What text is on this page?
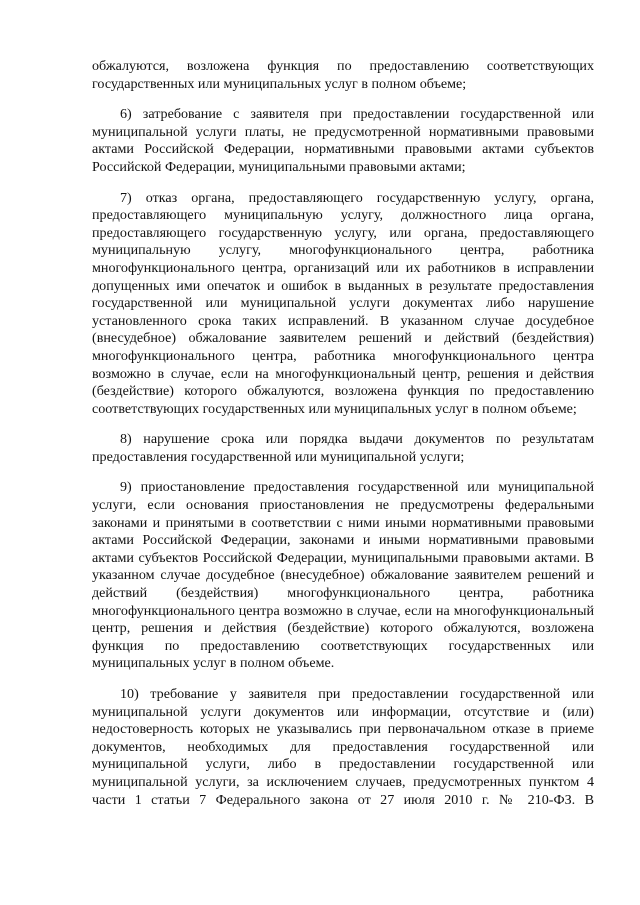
обжалуются, возложена функция по предоставлению соответствующих государственных или муниципальных услуг в полном объеме;

6) затребование с заявителя при предоставлении государственной или муниципальной услуги платы, не предусмотренной нормативными правовыми актами Российской Федерации, нормативными правовыми актами субъектов Российской Федерации, муниципальными правовыми актами;

7) отказ органа, предоставляющего государственную услугу, органа, предоставляющего муниципальную услугу, должностного лица органа, предоставляющего государственную услугу, или органа, предоставляющего муниципальную услугу, многофункционального центра, работника многофункционального центра, организаций или их работников в исправлении допущенных ими опечаток и ошибок в выданных в результате предоставления государственной или муниципальной услуги документах либо нарушение установленного срока таких исправлений. В указанном случае досудебное (внесудебное) обжалование заявителем решений и действий (бездействия) многофункционального центра, работника многофункционального центра возможно в случае, если на многофункциональный центр, решения и действия (бездействие) которого обжалуются, возложена функция по предоставлению соответствующих государственных или муниципальных услуг в полном объеме;

8) нарушение срока или порядка выдачи документов по результатам предоставления государственной или муниципальной услуги;

9) приостановление предоставления государственной или муниципальной услуги, если основания приостановления не предусмотрены федеральными законами и принятыми в соответствии с ними иными нормативными правовыми актами Российской Федерации, законами и иными нормативными правовыми актами субъектов Российской Федерации, муниципальными правовыми актами. В указанном случае досудебное (внесудебное) обжалование заявителем решений и действий (бездействия) многофункционального центра, работника многофункционального центра возможно в случае, если на многофункциональный центр, решения и действия (бездействие) которого обжалуются, возложена функция по предоставлению соответствующих государственных или муниципальных услуг в полном объеме.

10) требование у заявителя при предоставлении государственной или муниципальной услуги документов или информации, отсутствие и (или) недостоверность которых не указывались при первоначальном отказе в приеме документов, необходимых для предоставления государственной или муниципальной услуги, либо в предоставлении государственной или муниципальной услуги, за исключением случаев, предусмотренных пунктом 4 части 1 статьи 7 Федерального закона от 27 июля 2010 г. № 210-ФЗ. В
